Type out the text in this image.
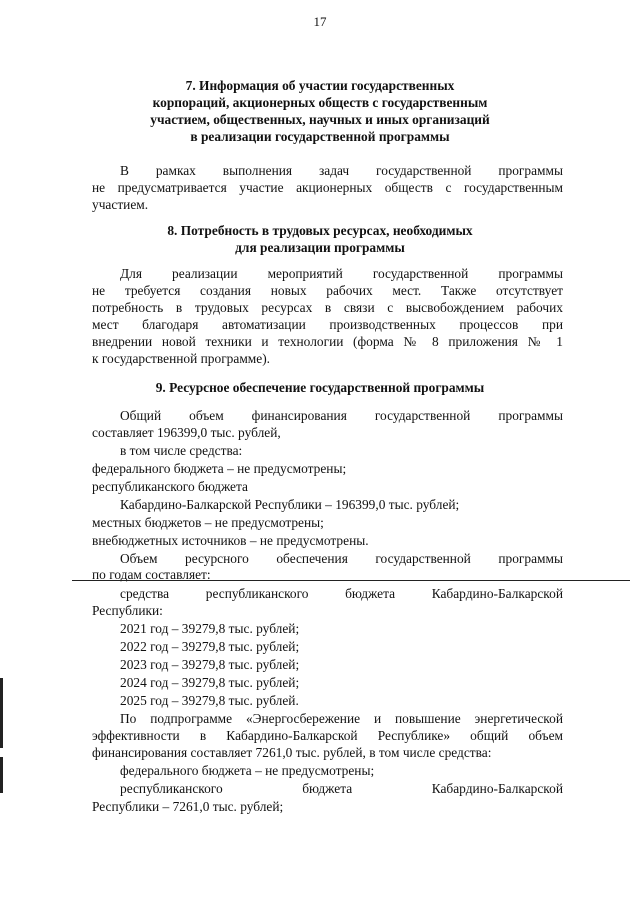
17
7. Информация об участии государственных
корпораций, акционерных обществ с государственным
участием, общественных, научных и иных организаций
в реализации государственной программы
В рамках выполнения задач государственной программы
не предусматривается участие акционерных обществ с государственным
участием.
8. Потребность в трудовых ресурсах, необходимых
для реализации программы
Для реализации мероприятий государственной программы
не требуется создания новых рабочих мест. Также отсутствует
потребность в трудовых ресурсах в связи с высвобождением рабочих
мест благодаря автоматизации производственных процессов при
внедрении новой техники и технологии (форма № 8 приложения № 1
к государственной программе).
9. Ресурсное обеспечение государственной программы
Общий объем финансирования государственной программы
составляет 196399,0 тыс. рублей,
в том числе средства:
федерального бюджета – не предусмотрены;
республиканского бюджета
Кабардино-Балкарской Республики – 196399,0 тыс. рублей;
местных бюджетов – не предусмотрены;
внебюджетных источников – не предусмотрены.
Объем ресурсного обеспечения государственной программы
по годам составляет:
средства республиканского бюджета Кабардино-Балкарской
Республики:
2021 год – 39279,8 тыс. рублей;
2022 год – 39279,8 тыс. рублей;
2023 год – 39279,8 тыс. рублей;
2024 год – 39279,8 тыс. рублей;
2025 год – 39279,8 тыс. рублей.
По подпрограмме «Энергосбережение и повышение энергетической
эффективности в Кабардино-Балкарской Республике» общий объем
финансирования составляет 7261,0 тыс. рублей, в том числе средства:
федерального бюджета – не предусмотрены;
республиканского бюджета Кабардино-Балкарской
Республики – 7261,0 тыс. рублей;
